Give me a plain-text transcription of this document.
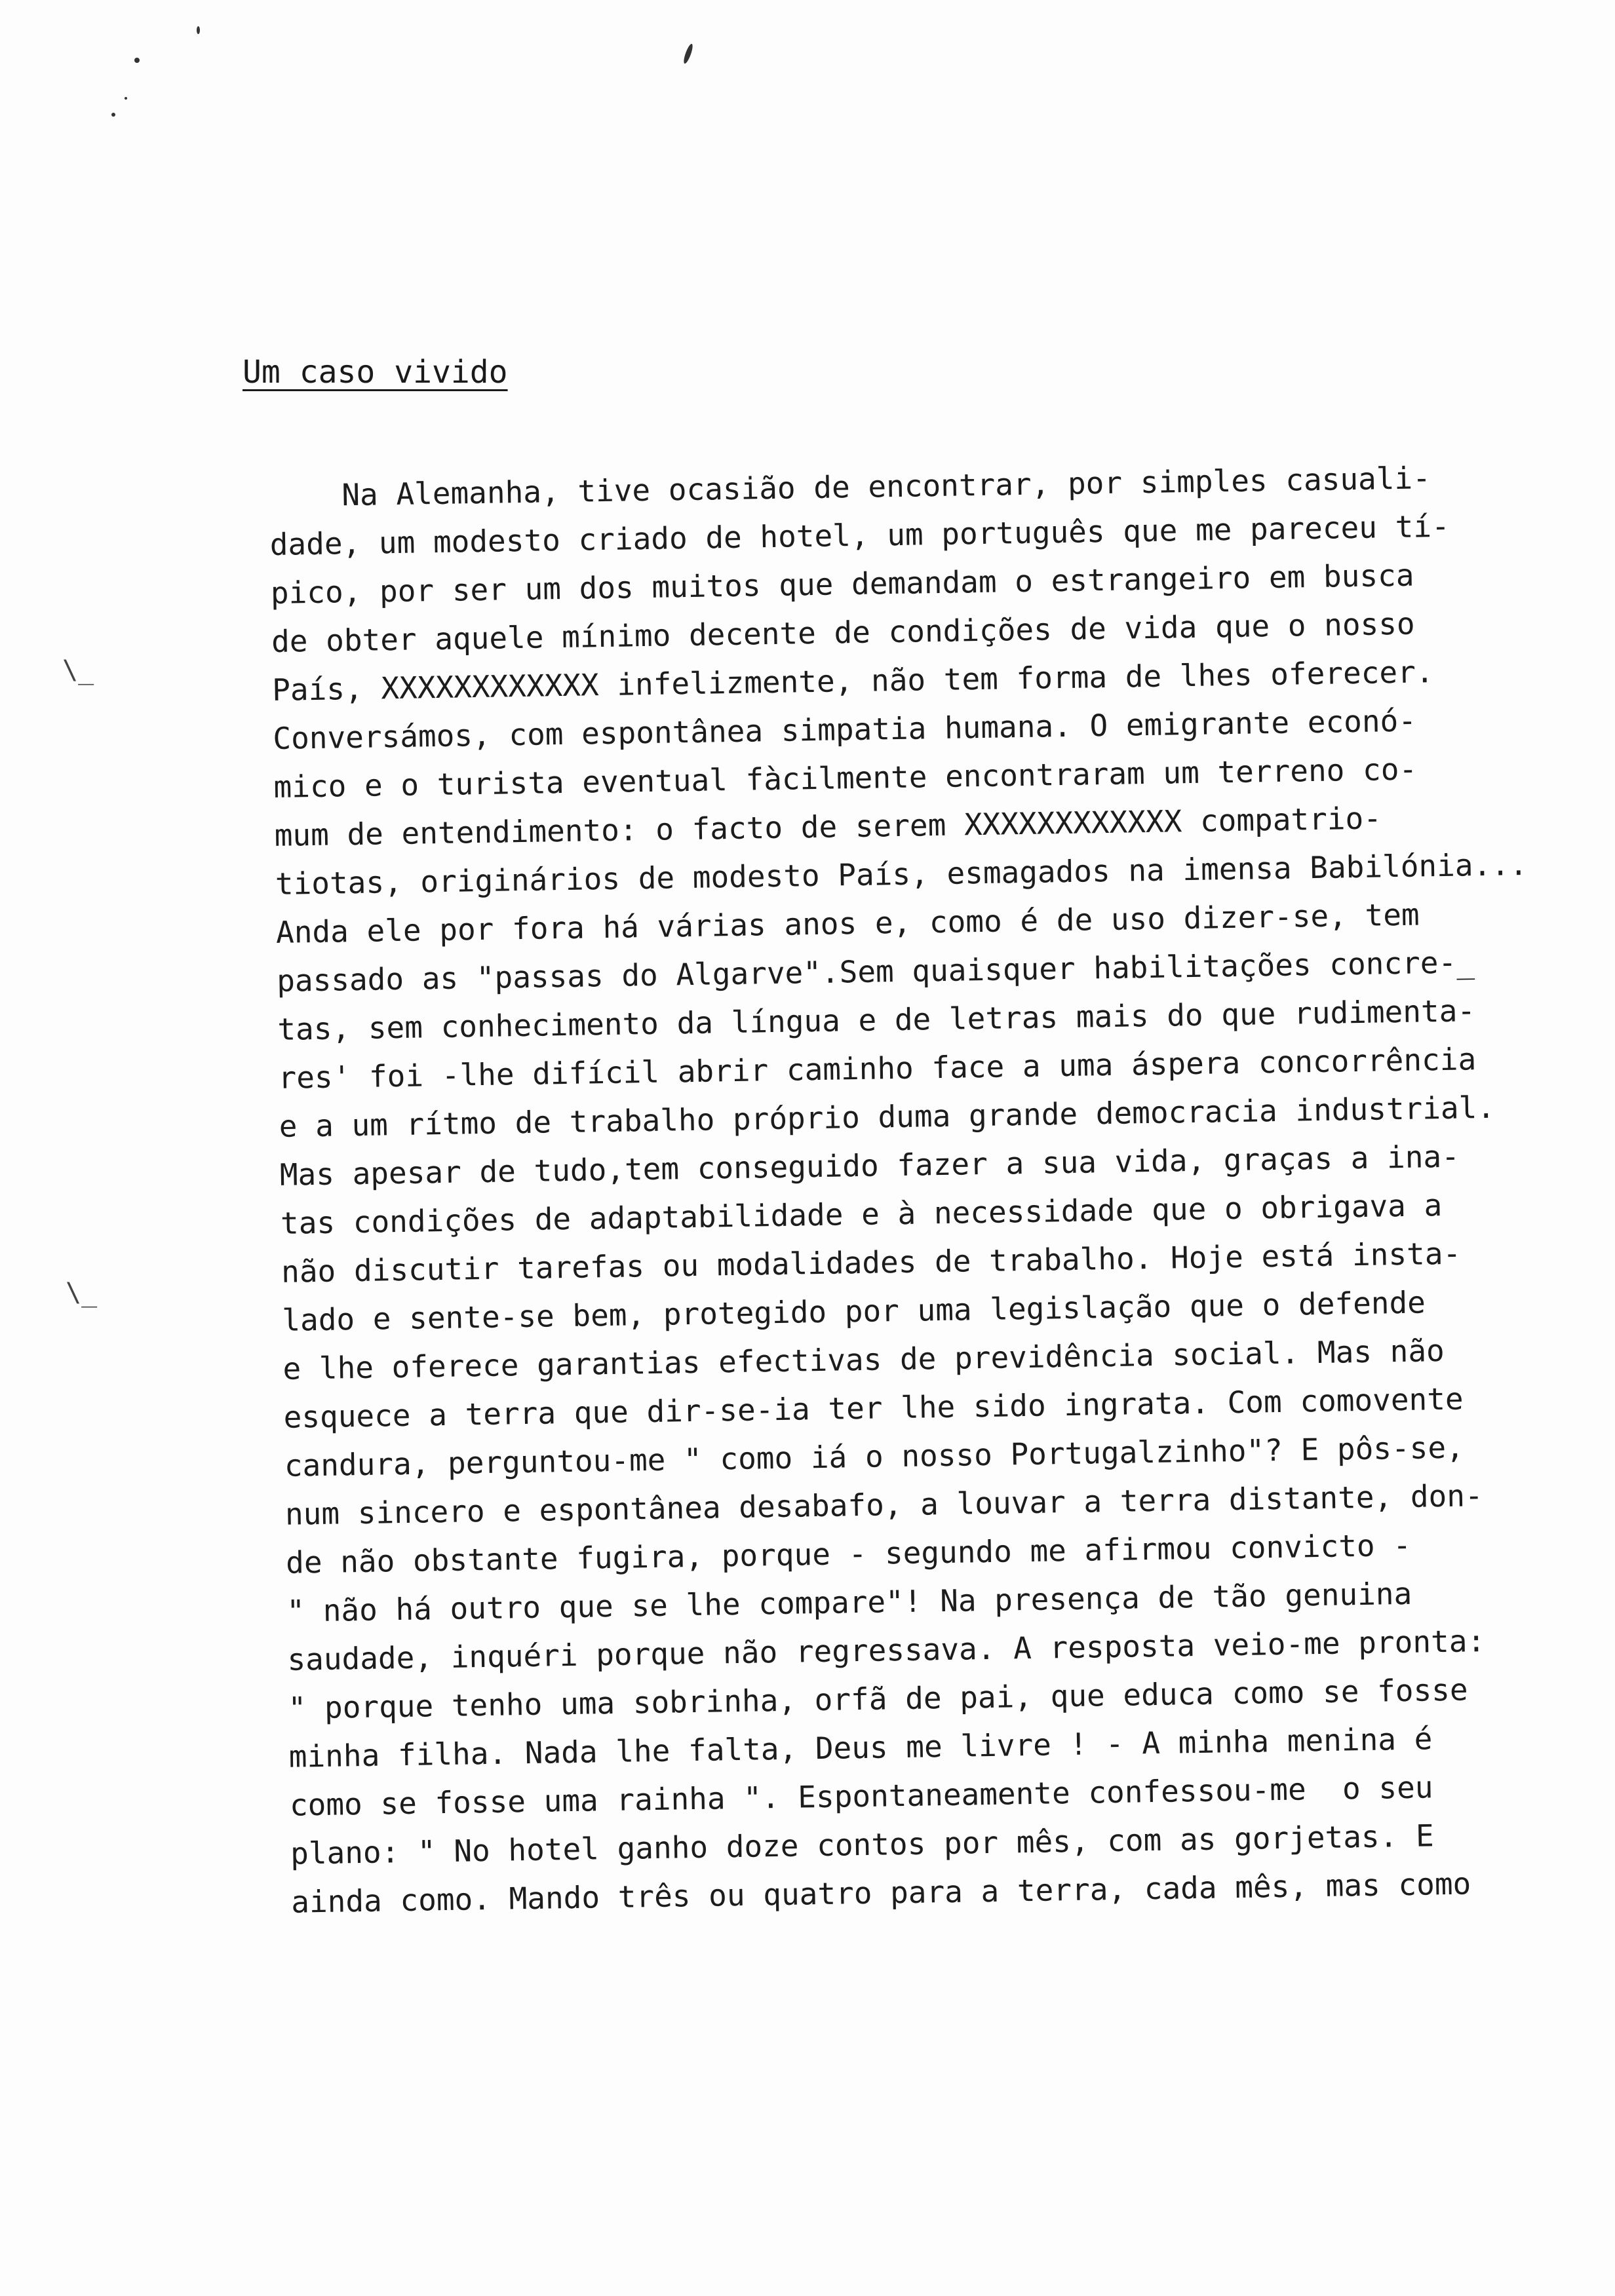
\_
\_
Um caso vivido
Na Alemanha, tive ocasião de encontrar, por simples casuali-
dade, um modesto criado de hotel, um português que me pareceu tí-
pico, por ser um dos muitos que demandam o estrangeiro em busca
de obter aquele mínimo decente de condições de vida que o nosso
País, XXXXXXXXXXXX infelizmente, não tem forma de lhes oferecer.
Conversámos, com espontânea simpatia humana. O emigrante econó-
mico e o turista eventual fàcilmente encontraram um terreno co-
mum de entendimento: o facto de serem XXXXXXXXXXXX compatrio-
tiotas, originários de modesto País, esmagados na imensa Babilónia...
Anda ele por fora há várias anos e, como é de uso dizer-se, tem
passado as "passas do Algarve".Sem quaisquer habilitações concre-_
tas, sem conhecimento da língua e de letras mais do que rudimenta-
res' foi -lhe difícil abrir caminho face a uma áspera concorrência
e a um rítmo de trabalho próprio duma grande democracia industrial.
Mas apesar de tudo,tem conseguido fazer a sua vida, graças a ina-
tas condições de adaptabilidade e à necessidade que o obrigava a
não discutir tarefas ou modalidades de trabalho. Hoje está insta-
lado e sente-se bem, protegido por uma legislação que o defende
e lhe oferece garantias efectivas de previdência social. Mas não
esquece a terra que dir-se-ia ter lhe sido ingrata. Com comovente
candura, perguntou-me " como iá o nosso Portugalzinho"? E pôs-se,
num sincero e espontânea desabafo, a louvar a terra distante, don-
de não obstante fugira, porque - segundo me afirmou convicto -
" não há outro que se lhe compare"! Na presença de tão genuina
saudade, inquéri porque não regressava. A resposta veio-me pronta:
" porque tenho uma sobrinha, orfã de pai, que educa como se fosse
minha filha. Nada lhe falta, Deus me livre ! - A minha menina é
como se fosse uma rainha ". Espontaneamente confessou-me  o seu
plano: " No hotel ganho doze contos por mês, com as gorjetas. E
ainda como. Mando três ou quatro para a terra, cada mês, mas como
